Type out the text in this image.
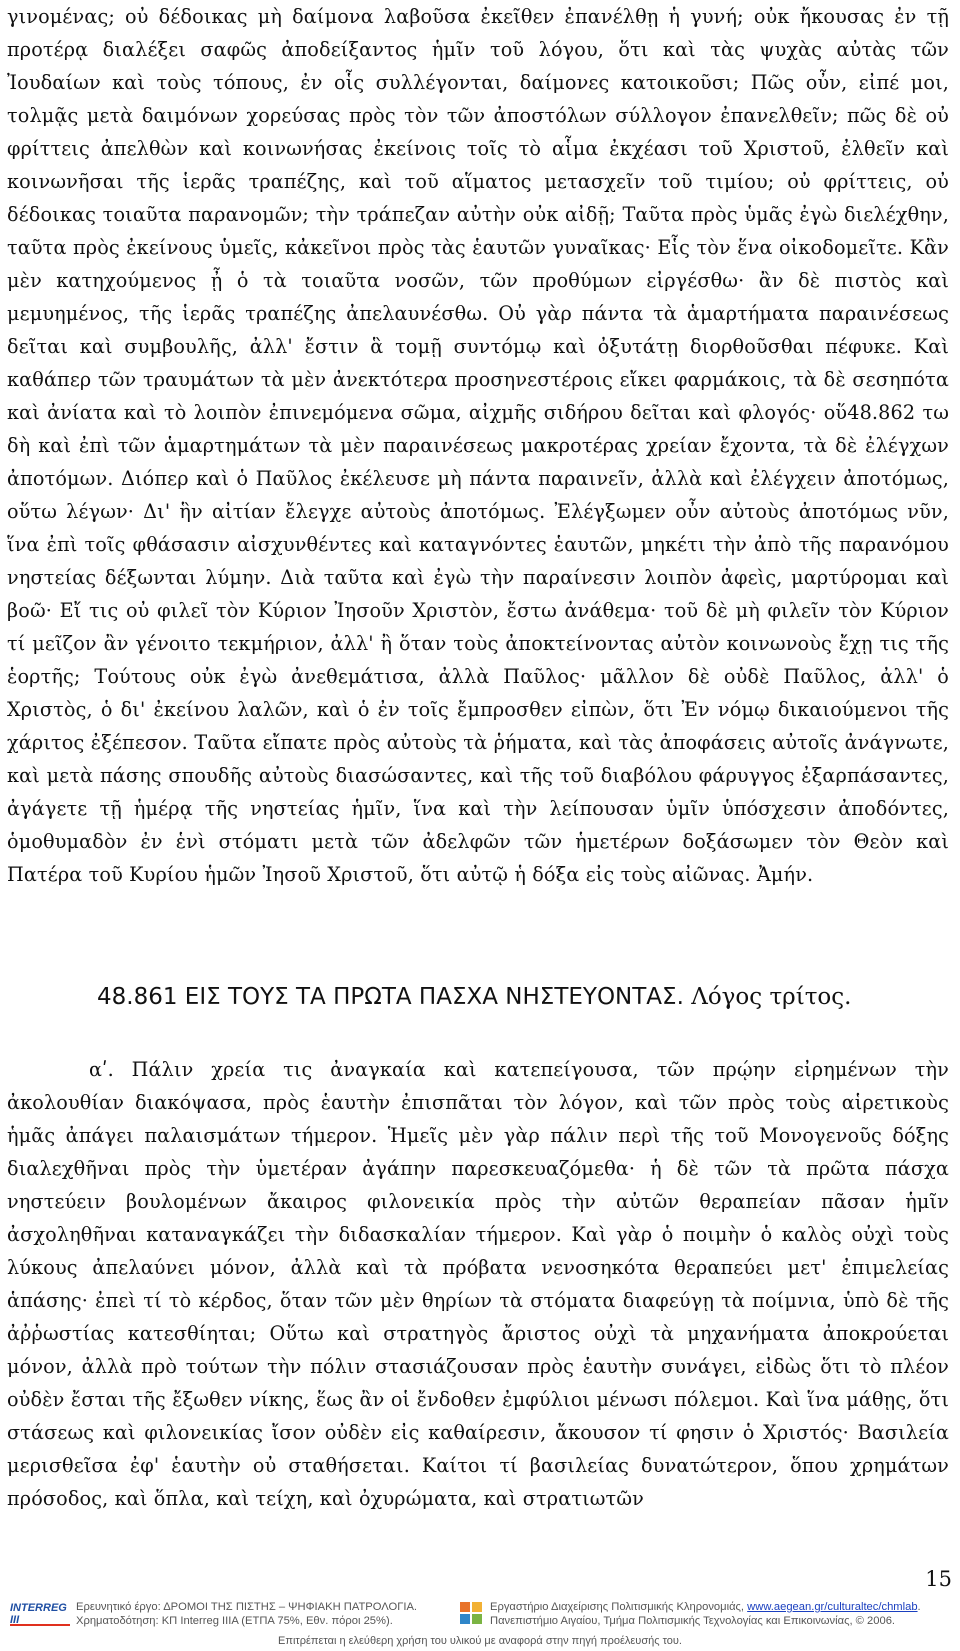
γινομένας; οὐ δέδοικας μὴ δαίμονα λαβοῦσα ἐκεῖθεν ἐπανέλθῃ ἡ γυνή; οὐκ ἤκουσας ἐν τῇ προτέρᾳ διαλέξει σαφῶς ἀποδείξαντος ἡμῖν τοῦ λόγου, ὅτι καὶ τὰς ψυχὰς αὐτὰς τῶν Ἰουδαίων καὶ τοὺς τόπους, ἐν οἷς συλλέγονται, δαίμονες κατοικοῦσι; Πῶς οὖν, εἰπέ μοι, τολμᾷς μετὰ δαιμόνων χορεύσας πρὸς τὸν τῶν ἀποστόλων σύλλογον ἐπανελθεῖν; πῶς δὲ οὐ φρίττεις ἀπελθὼν καὶ κοινωνήσας ἐκείνοις τοῖς τὸ αἷμα ἐκχέασι τοῦ Χριστοῦ, ἐλθεῖν καὶ κοινωνῆσαι τῆς ἱερᾶς τραπέζης, καὶ τοῦ αἵματος μετασχεῖν τοῦ τιμίου; οὐ φρίττεις, οὐ δέδοικας τοιαῦτα παρανομῶν; τὴν τράπεζαν αὐτὴν οὐκ αἰδῇ; Ταῦτα πρὸς ὑμᾶς ἐγὼ διελέχθην, ταῦτα πρὸς ἐκείνους ὑμεῖς, κἀκεῖνοι πρὸς τὰς ἑαυτῶν γυναῖκας· Εἷς τὸν ἕνα οἰκοδομεῖτε. Κἂν μὲν κατηχούμενος ᾖ ὁ τὰ τοιαῦτα νοσῶν, τῶν προθύμων εἰργέσθω· ἂν δὲ πιστὸς καὶ μεμυημένος, τῆς ἱερᾶς τραπέζης ἀπελαυνέσθω. Οὐ γὰρ πάντα τὰ ἁμαρτήματα παραινέσεως δεῖται καὶ συμβουλῆς, ἀλλ' ἔστιν ἃ τομῇ συντόμῳ καὶ ὀξυτάτῃ διορθοῦσθαι πέφυκε. Καὶ καθάπερ τῶν τραυμάτων τὰ μὲν ἀνεκτότερα προσηνεστέροις εἴκει φαρμάκοις, τὰ δὲ σεσηπότα καὶ ἀνίατα καὶ τὸ λοιπὸν ἐπινεμόμενα σῶμα, αἰχμῆς σιδήρου δεῖται καὶ φλογός· οὕ48.862 τω δὴ καὶ ἐπὶ τῶν ἁμαρτημάτων τὰ μὲν παραινέσεως μακροτέρας χρείαν ἔχοντα, τὰ δὲ ἐλέγχων ἀποτόμων. Διόπερ καὶ ὁ Παῦλος ἐκέλευσε μὴ πάντα παραινεῖν, ἀλλὰ καὶ ἐλέγχειν ἀποτόμως, οὕτω λέγων· Δι' ἣν αἰτίαν ἔλεγχε αὐτοὺς ἀποτόμως. Ἐλέγξωμεν οὖν αὐτοὺς ἀποτόμως νῦν, ἵνα ἐπὶ τοῖς φθάσασιν αἰσχυνθέντες καὶ καταγνόντες ἑαυτῶν, μηκέτι τὴν ἀπὸ τῆς παρανόμου νηστείας δέξωνται λύμην. Διὰ ταῦτα καὶ ἐγὼ τὴν παραίνεσιν λοιπὸν ἀφεὶς, μαρτύρομαι καὶ βοῶ· Εἴ τις οὐ φιλεῖ τὸν Κύριον Ἰησοῦν Χριστὸν, ἔστω ἀνάθεμα· τοῦ δὲ μὴ φιλεῖν τὸν Κύριον τί μεῖζον ἂν γένοιτο τεκμήριον, ἀλλ' ἢ ὅταν τοὺς ἀποκτείνοντας αὐτὸν κοινωνοὺς ἔχῃ τις τῆς ἑορτῆς; Τούτους οὐκ ἐγὼ ἀνεθεμάτισα, ἀλλὰ Παῦλος· μᾶλλον δὲ οὐδὲ Παῦλος, ἀλλ' ὁ Χριστὸς, ὁ δι' ἐκείνου λαλῶν, καὶ ὁ ἐν τοῖς ἔμπροσθεν εἰπὼν, ὅτι Ἐν νόμῳ δικαιούμενοι τῆς χάριτος ἐξέπεσον. Ταῦτα εἴπατε πρὸς αὐτοὺς τὰ ῥήματα, καὶ τὰς ἀποφάσεις αὐτοῖς ἀνάγνωτε, καὶ μετὰ πάσης σπουδῆς αὐτοὺς διασώσαντες, καὶ τῆς τοῦ διαβόλου φάρυγγος ἐξαρπάσαντες, ἀγάγετε τῇ ἡμέρᾳ τῆς νηστείας ἡμῖν, ἵνα καὶ τὴν λείπουσαν ὑμῖν ὑπόσχεσιν ἀποδόντες, ὁμοθυμαδὸν ἐν ἑνὶ στόματι μετὰ τῶν ἀδελφῶν τῶν ἡμετέρων δοξάσωμεν τὸν Θεὸν καὶ Πατέρα τοῦ Κυρίου ἡμῶν Ἰησοῦ Χριστοῦ, ὅτι αὐτῷ ἡ δόξα εἰς τοὺς αἰῶνας. Ἀμήν.

48.861 ΕΙΣ ΤΟΥΣ ΤΑ ΠΡΩΤΑ ΠΑΣΧΑ ΝΗΣΤΕΥΟΝΤΑΣ. Λόγος τρίτος.

αʹ. Πάλιν χρεία τις ἀναγκαία καὶ κατεπείγουσα, τῶν πρῴην εἰρημένων τὴν ἀκολουθίαν διακόψασα, πρὸς ἑαυτὴν ἐπισπᾶται τὸν λόγον, καὶ τῶν πρὸς τοὺς αἱρετικοὺς ἡμᾶς ἀπάγει παλαισμάτων τήμερον. Ἡμεῖς μὲν γὰρ πάλιν περὶ τῆς τοῦ Μονογενοῦς δόξης διαλεχθῆναι πρὸς τὴν ὑμετέραν ἀγάπην παρεσκευαζόμεθα· ἡ δὲ τῶν τὰ πρῶτα πάσχα νηστεύειν βουλομένων ἄκαιρος φιλονεικία πρὸς τὴν αὐτῶν θεραπείαν πᾶσαν ἡμῖν ἀσχοληθῆναι καταναγκάζει τὴν διδασκαλίαν τήμερον. Καὶ γὰρ ὁ ποιμὴν ὁ καλὸς οὐχὶ τοὺς λύκους ἀπελαύνει μόνον, ἀλλὰ καὶ τὰ πρόβατα νενοσηκότα θεραπεύει μετ' ἐπιμελείας ἁπάσης· ἐπεὶ τί τὸ κέρδος, ὅταν τῶν μὲν θηρίων τὰ στόματα διαφεύγῃ τὰ ποίμνια, ὑπὸ δὲ τῆς ἀῤῥωστίας κατεσθίηται; Οὕτω καὶ στρατηγὸς ἄριστος οὐχὶ τὰ μηχανήματα ἀποκρούεται μόνον, ἀλλὰ πρὸ τούτων τὴν πόλιν στασιάζουσαν πρὸς ἑαυτὴν συνάγει, εἰδὼς ὅτι τὸ πλέον οὐδὲν ἔσται τῆς ἔξωθεν νίκης, ἕως ἂν οἱ ἔνδοθεν ἐμφύλιοι μένωσι πόλεμοι. Καὶ ἵνα μάθῃς, ὅτι στάσεως καὶ φιλονεικίας ἴσον οὐδὲν εἰς καθαίρεσιν, ἄκουσον τί φησιν ὁ Χριστός· Βασιλεία μερισθεῖσα ἐφ' ἑαυτὴν οὐ σταθήσεται. Καίτοι τί βασιλείας δυνατώτερον, ὅπου χρημάτων πρόσοδος, καὶ ὅπλα, καὶ τείχη, καὶ ὀχυρώματα, καὶ στρατιωτῶν

15
INTERREG III
Ερευνητικό έργο: ΔΡΟΜΟΙ ΤΗΣ ΠΙΣΤΗΣ – ΨΗΦΙΑΚΗ ΠΑΤΡΟΛΟΓΙΑ.
Χρηματοδότηση: ΚΠ Interreg IIIA (ΕΤΠΑ 75%, Εθν. πόροι 25%).
Εργαστήριο Διαχείρισης Πολιτισμικής Κληρονομιάς, www.aegean.gr/culturaltec/chmlab.
Πανεπιστήμιο Αιγαίου, Τμήμα Πολιτισμικής Τεχνολογίας και Επικοινωνίας, © 2006.
Επιτρέπεται η ελεύθερη χρήση του υλικού με αναφορά στην πηγή προέλευσής του.
